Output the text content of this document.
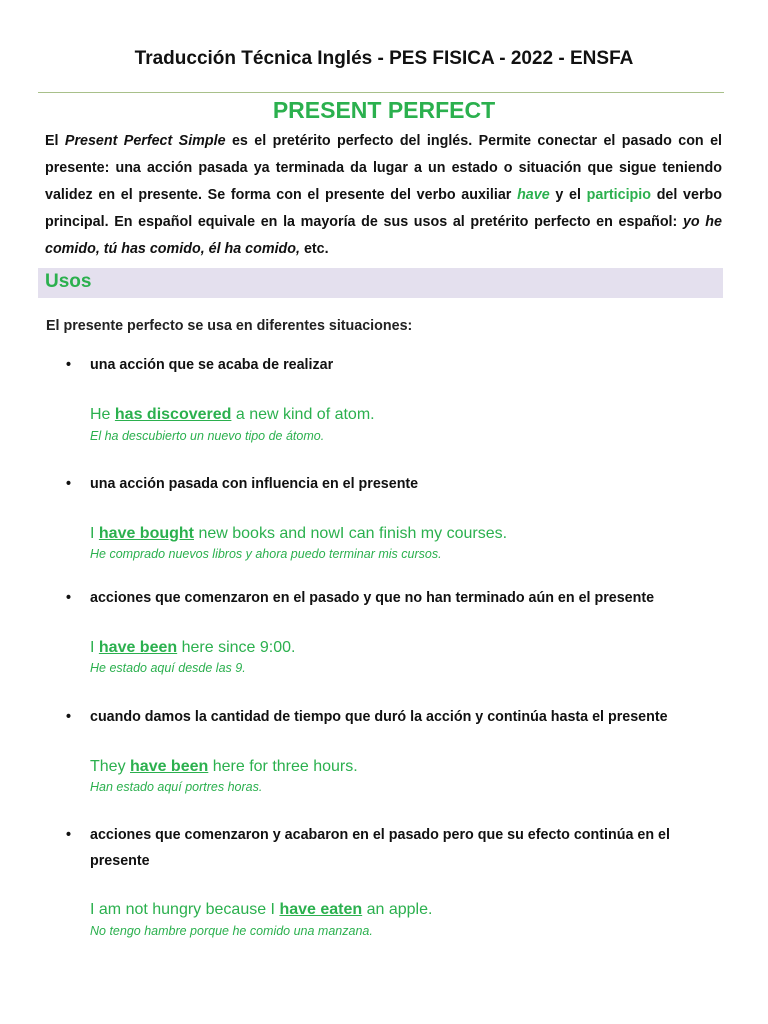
Traducción Técnica Inglés - PES FISICA - 2022 - ENSFA
PRESENT PERFECT
El Present Perfect Simple es el pretérito perfecto del inglés. Permite conectar el pasado con el presente: una acción pasada ya terminada da lugar a un estado o situación que sigue teniendo validez en el presente. Se forma con el presente del verbo auxiliar have y el participio del verbo principal. En español equivale en la mayoría de sus usos al pretérito perfecto en español: yo he comido, tú has comido, él ha comido, etc.
Usos
El presente perfecto se usa en diferentes situaciones:
• una acción que se acaba de realizar
He has discovered a new kind of atom.
El ha descubierto un nuevo tipo de átomo.
• una acción pasada con influencia en el presente
I have bought new books and nowI can finish my courses.
He comprado nuevos libros y ahora puedo terminar mis cursos.
• acciones que comenzaron en el pasado y que no han terminado aún en el presente
I have been here since 9:00.
He estado aquí desde las 9.
• cuando damos la cantidad de tiempo que duró la acción y continúa hasta el presente
They have been here for three hours.
Han estado aquí portres horas.
• acciones que comenzaron y acabaron en el pasado pero que su efecto continúa en el presente
I am not hungry because I have eaten an apple.
No tengo hambre porque he comido una manzana.
